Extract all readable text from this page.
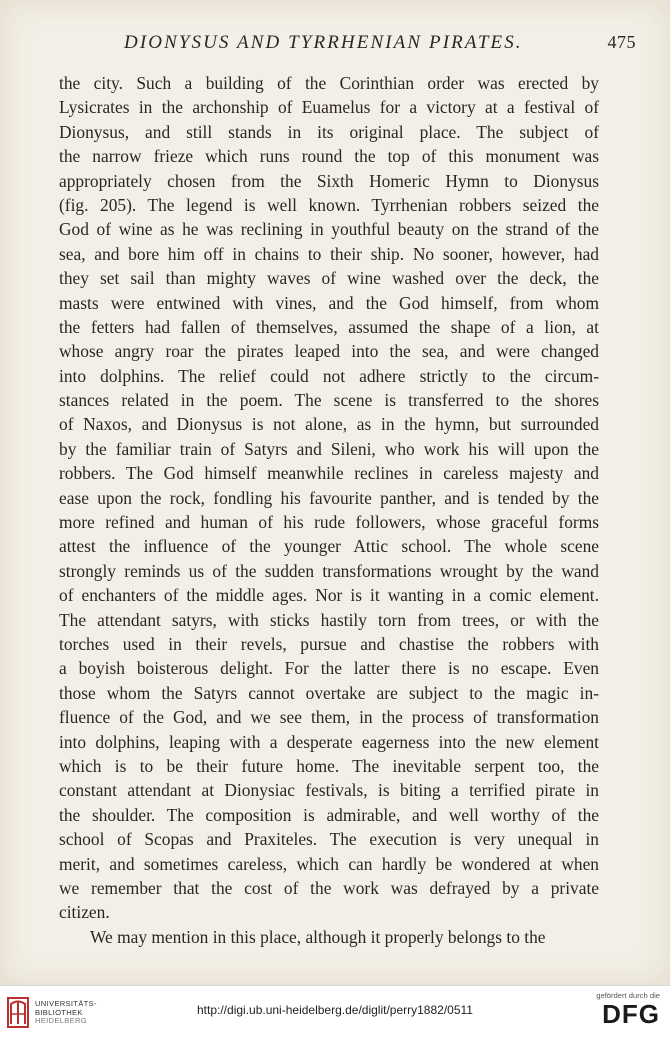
DIONYSUS AND TYRRHENIAN PIRATES.	475
the city. Such a building of the Corinthian order was erected by
Lysicrates in the archonship of Euamelus for a victory at a festival of
Dionysus, and still stands in its original place. The subject of
the narrow frieze which runs round the top of this monument was
appropriately chosen from the Sixth Homeric Hymn to Dionysus
(fig. 205). The legend is well known. Tyrrhenian robbers seized the
God of wine as he was reclining in youthful beauty on the strand of the
sea, and bore him off in chains to their ship. No sooner, however, had
they set sail than mighty waves of wine washed over the deck, the
masts were entwined with vines, and the God himself, from whom
the fetters had fallen of themselves, assumed the shape of a lion, at
whose angry roar the pirates leaped into the sea, and were changed
into dolphins. The relief could not adhere strictly to the circum-
stances related in the poem. The scene is transferred to the shores
of Naxos, and Dionysus is not alone, as in the hymn, but surrounded
by the familiar train of Satyrs and Sileni, who work his will upon the
robbers. The God himself meanwhile reclines in careless majesty and
ease upon the rock, fondling his favourite panther, and is tended by the
more refined and human of his rude followers, whose graceful forms
attest the influence of the younger Attic school. The whole scene
strongly reminds us of the sudden transformations wrought by the wand
of enchanters of the middle ages. Nor is it wanting in a comic element.
The attendant satyrs, with sticks hastily torn from trees, or with the
torches used in their revels, pursue and chastise the robbers with
a boyish boisterous delight. For the latter there is no escape. Even
those whom the Satyrs cannot overtake are subject to the magic in-
fluence of the God, and we see them, in the process of transformation
into dolphins, leaping with a desperate eagerness into the new element
which is to be their future home. The inevitable serpent too, the
constant attendant at Dionysiac festivals, is biting a terrified pirate in
the shoulder. The composition is admirable, and well worthy of the
school of Scopas and Praxiteles. The execution is very unequal in
merit, and sometimes careless, which can hardly be wondered at when
we remember that the cost of the work was defrayed by a private
citizen.
We may mention in this place, although it properly belongs to the
UNIVERSITÄTS-
BIBLIOTHEK
HEIDELBERG
http://digi.ub.uni-heidelberg.de/diglit/perry1882/0511
gefördert durch die
DFG
